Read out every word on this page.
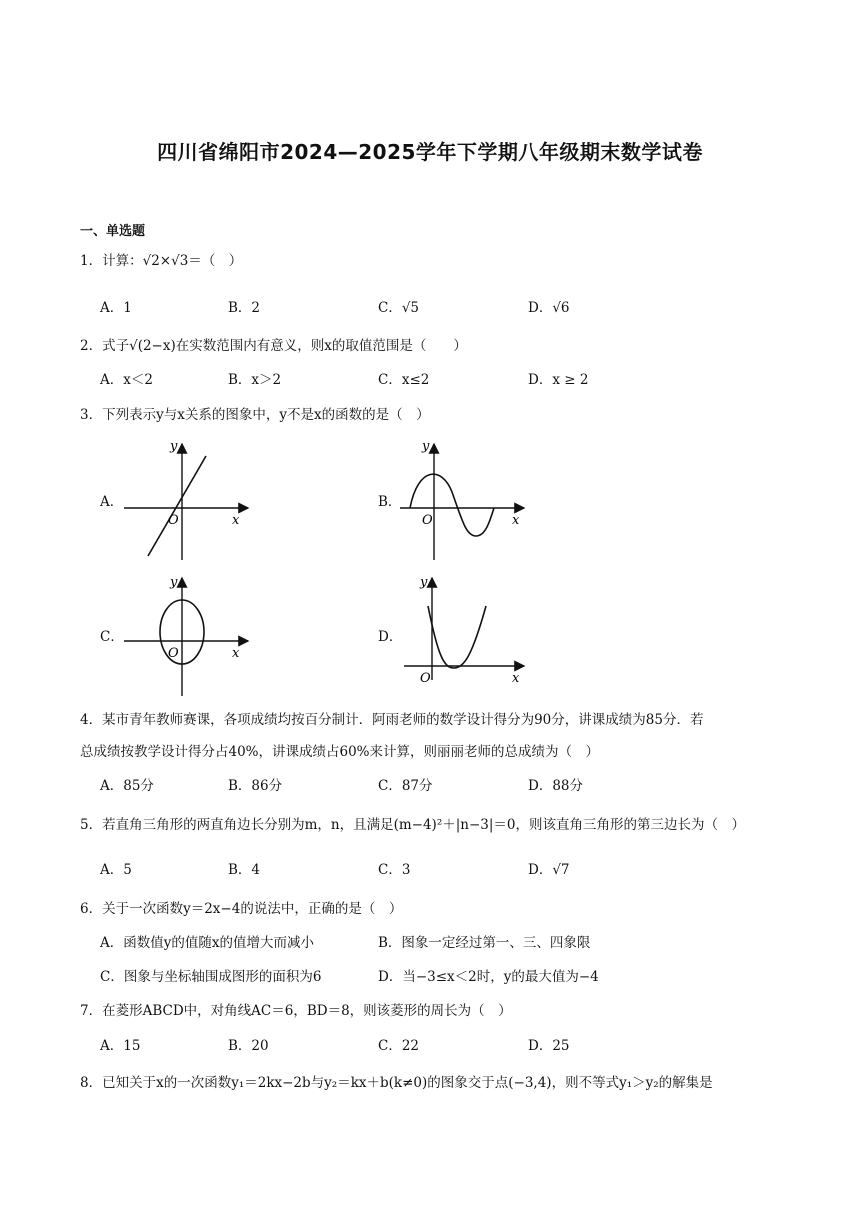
四川省绵阳市2024—2025学年下学期八年级期末数学试卷
一、单选题
1．计算：√2×√3＝（　）
A．1	B．2	C．√5	D．√6
2．式子√(2−x)在实数范围内有意义，则x的取值范围是（　　）
A．x＜2	B．x＞2	C．x≤2	D．x ≥ 2
3．下列表示y与x关系的图象中，y不是x的函数的是（　）
A．
x
y
O
B．
x
y
O
C．
x
y
O
D．
x
y
O
4．某市青年教师赛课，各项成绩均按百分制计．阿雨老师的数学设计得分为90分，讲课成绩为85分．若
总成绩按教学设计得分占40%，讲课成绩占60%来计算，则丽丽老师的总成绩为（　）
A．85分	B．86分	C．87分	D．88分
5．若直角三角形的两直角边长分别为m，n，且满足(m−4)²＋|n−3|＝0，则该直角三角形的第三边长为（　）
A．5	B．4	C．3	D．√7
6．关于一次函数y＝2x−4的说法中，正确的是（　）
A．函数值y的值随x的值增大而减小	B．图象一定经过第一、三、四象限
C．图象与坐标轴围成图形的面积为6	D．当−3≤x＜2时，y的最大值为−4
7．在菱形ABCD中，对角线AC＝6，BD＝8，则该菱形的周长为（　）
A．15	B．20	C．22	D．25
8．已知关于x的一次函数y₁＝2kx−2b与y₂＝kx＋b(k≠0)的图象交于点(−3,4)，则不等式y₁＞y₂的解集是
